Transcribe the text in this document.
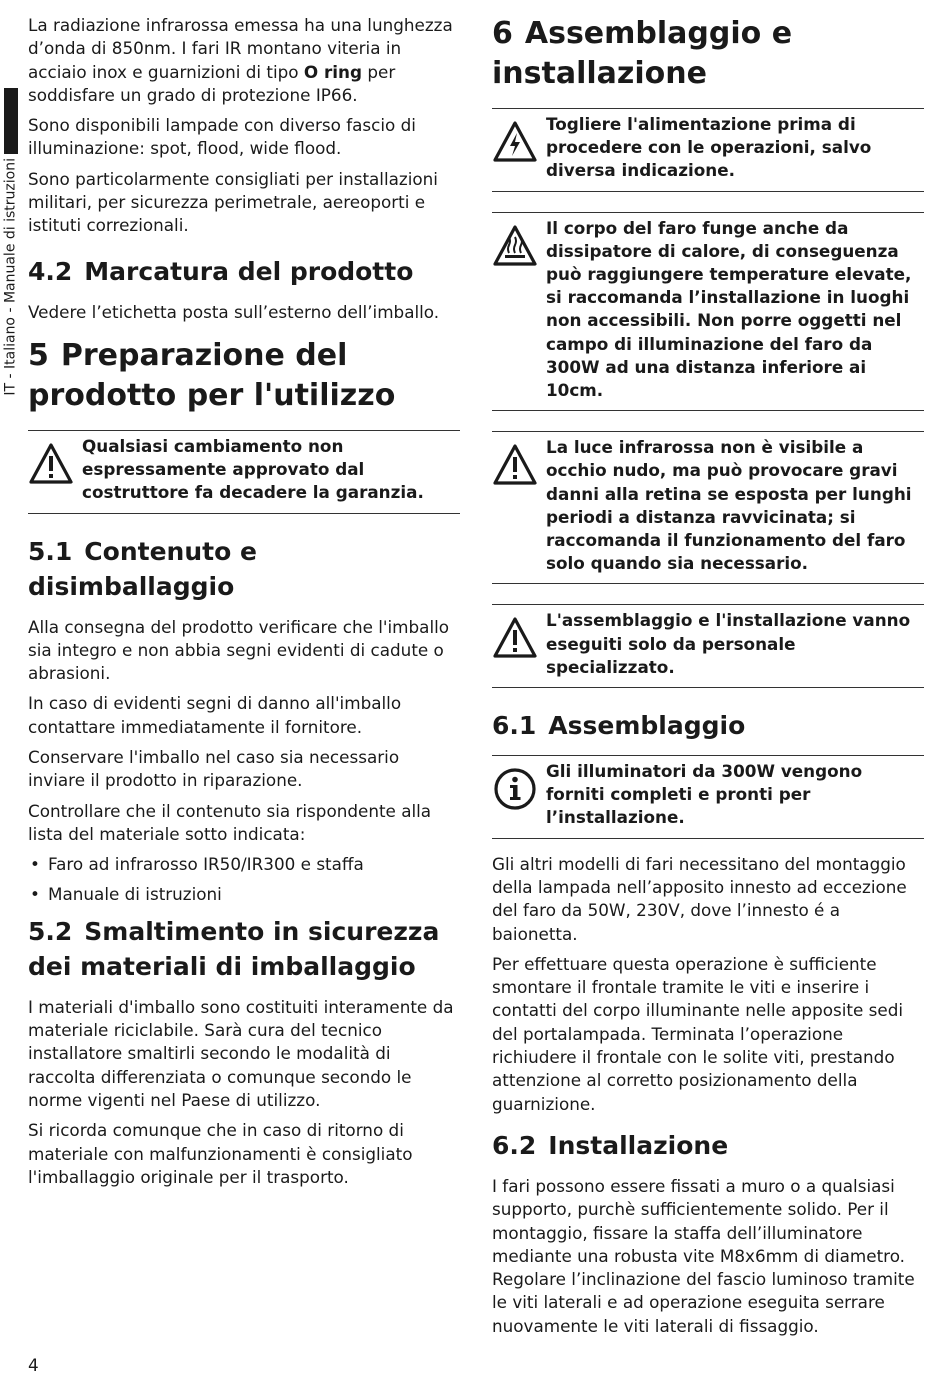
IT - Italiano - Manuale di istruzioni

La radiazione infrarossa emessa ha una lunghezza d’onda di 850nm. I fari IR montano viteria in acciaio inox e guarnizioni di tipo O ring per soddisfare un grado di protezione IP66.

Sono disponibili lampade con diverso fascio di illuminazione: spot, flood, wide flood.

Sono particolarmente consigliati per installazioni militari, per sicurezza perimetrale, aereoporti e istituti correzionali.

4.2 Marcatura del prodotto

Vedere l’etichetta posta sull’esterno dell’imballo.

5 Preparazione del prodotto per l'utilizzo
Qualsiasi cambiamento non espressamente approvato dal costruttore fa decadere la garanzia.
5.1 Contenuto e disimballaggio

Alla consegna del prodotto verificare che l'imballo sia integro e non abbia segni evidenti di cadute o abrasioni.

In caso di evidenti segni di danno all'imballo contattare immediatamente il fornitore.

Conservare l'imballo nel caso sia necessario inviare il prodotto in riparazione.

Controllare che il contenuto sia rispondente alla lista del materiale sotto indicata:

• Faro ad infrarosso IR50/IR300 e staffa
• Manuale di istruzioni
5.2 Smaltimento in sicurezza dei materiali di imballaggio

I materiali d'imballo sono costituiti interamente da materiale riciclabile. Sarà cura del tecnico installatore smaltirli secondo le modalità di raccolta differenziata o comunque secondo le norme vigenti nel Paese di utilizzo.

Si ricorda comunque che in caso di ritorno di materiale con malfunzionamenti è consigliato l'imballaggio originale per il trasporto.

6 Assemblaggio e installazione
Togliere l'alimentazione prima di procedere con le operazioni, salvo diversa indicazione.
Il corpo del faro funge anche da dissipatore di calore, di conseguenza può raggiungere temperature elevate, si raccomanda l’installazione in luoghi non accessibili. Non porre oggetti nel campo di illuminazione del faro da 300W ad una distanza inferiore ai 10cm.
La luce infrarossa non è visibile a occhio nudo, ma può provocare gravi danni alla retina se esposta per lunghi periodi a distanza ravvicinata; si raccomanda il funzionamento del faro solo quando sia necessario.
L'assemblaggio e l'installazione vanno eseguiti solo da personale specializzato.
6.1 Assemblaggio
Gli illuminatori da 300W vengono forniti completi e pronti per l’installazione.

Gli altri modelli di fari necessitano del montaggio della lampada nell’apposito innesto ad eccezione del faro da 50W, 230V, dove l’innesto é a baionetta.

Per effettuare questa operazione è sufficiente smontare il frontale tramite le viti e inserire i contatti del corpo illuminante nelle apposite sedi del portalampada. Terminata l’operazione richiudere il frontale con le solite viti, prestando attenzione al corretto posizionamento della guarnizione.

6.2 Installazione

I fari possono essere fissati a muro o a qualsiasi supporto, purchè sufficientemente solido. Per il montaggio, fissare la staffa dell’illuminatore mediante una robusta vite M8x6mm di diametro. Regolare l’inclinazione del fascio luminoso tramite le viti laterali e ad operazione eseguita serrare nuovamente le viti laterali di fissaggio.

4
